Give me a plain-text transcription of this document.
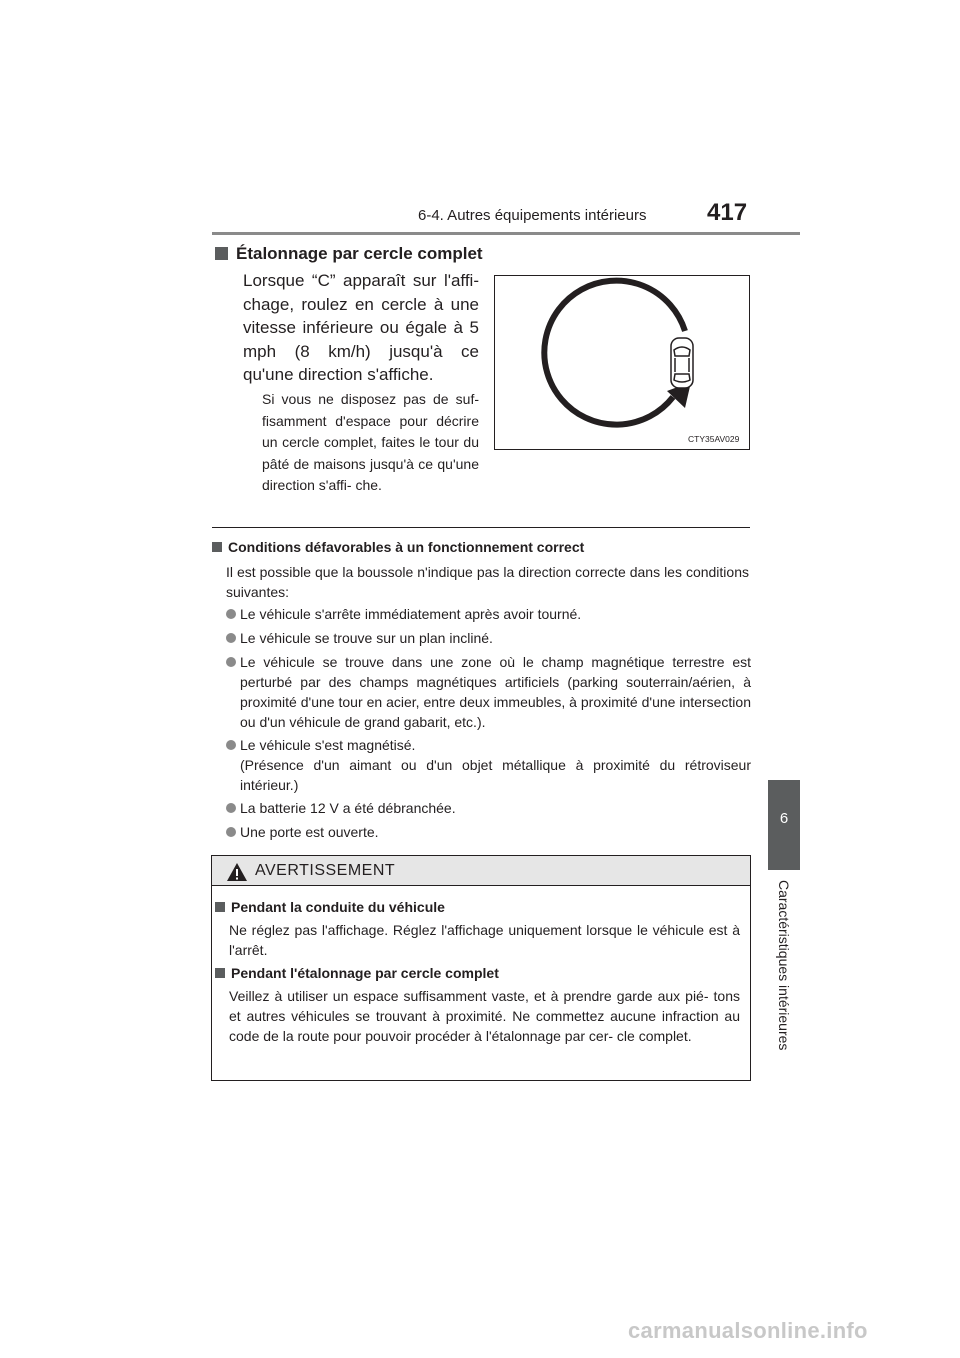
6-4. Autres équipements intérieurs	417
6
Caractéristiques intérieures
Étalonnage par cercle complet
Lorsque “C” apparaît sur l'affi- chage, roulez en cercle à une vitesse inférieure ou égale à 5 mph (8 km/h) jusqu'à ce qu'une direction s'affiche.
Si vous ne disposez pas de suf- fisamment d'espace pour décrire un cercle complet, faites le tour du pâté de maisons jusqu'à ce qu'une direction s'affi- che.
CTY35AV029
Conditions défavorables à un fonctionnement correct
Il est possible que la boussole n'indique pas la direction correcte dans les conditions suivantes:
Le véhicule s'arrête immédiatement après avoir tourné.
Le véhicule se trouve sur un plan incliné.
Le véhicule se trouve dans une zone où le champ magnétique terrestre est perturbé par des champs magnétiques artificiels (parking souterrain/aérien, à proximité d'une tour en acier, entre deux immeubles, à proximité d'une intersection ou d'un véhicule de grand gabarit, etc.).
Le véhicule s'est magnétisé.
(Présence d'un aimant ou d'un objet métallique à proximité du rétroviseur intérieur.)
La batterie 12 V a été débranchée.
Une porte est ouverte.
AVERTISSEMENT
Pendant la conduite du véhicule
Ne réglez pas l'affichage. Réglez l'affichage uniquement lorsque le véhicule est à l'arrêt.
Pendant l'étalonnage par cercle complet
Veillez à utiliser un espace suffisamment vaste, et à prendre garde aux pié- tons et autres véhicules se trouvant à proximité. Ne commettez aucune infraction au code de la route pour pouvoir procéder à l'étalonnage par cer- cle complet.
carmanualsonline.info
